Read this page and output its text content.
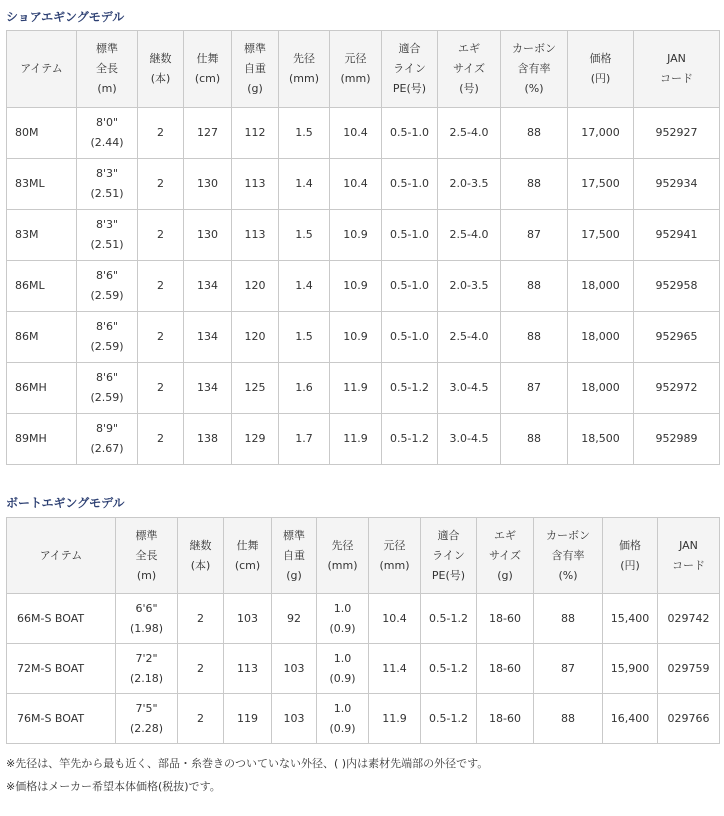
ショアエギングモデル
アイテム	標準
全長
(m)	継数
(本)	仕舞
(cm)	標準
自重
(g)	先径
(mm)	元径
(mm)	適合
ライン
PE(号)	エギ
サイズ
(号)	カーボン
含有率
(%)	価格
(円)	JAN
コード

80M	8'0"
(2.44)	2	127	112	1.5	10.4	0.5-1.0	2.5-4.0	88	17,000	952927
83ML	8'3"
(2.51)	2	130	113	1.4	10.4	0.5-1.0	2.0-3.5	88	17,500	952934
83M	8'3"
(2.51)	2	130	113	1.5	10.9	0.5-1.0	2.5-4.0	87	17,500	952941
86ML	8'6"
(2.59)	2	134	120	1.4	10.9	0.5-1.0	2.0-3.5	88	18,000	952958
86M	8'6"
(2.59)	2	134	120	1.5	10.9	0.5-1.0	2.5-4.0	88	18,000	952965
86MH	8'6"
(2.59)	2	134	125	1.6	11.9	0.5-1.2	3.0-4.5	87	18,000	952972
89MH	8'9"
(2.67)	2	138	129	1.7	11.9	0.5-1.2	3.0-4.5	88	18,500	952989
ボートエギングモデル
アイテム	標準
全長
(m)	継数
(本)	仕舞
(cm)	標準
自重
(g)	先径
(mm)	元径
(mm)	適合
ライン
PE(号)	エギ
サイズ
(g)	カーボン
含有率
(%)	価格
(円)	JAN
コード

66M-S BOAT	6'6"
(1.98)	2	103	92	1.0
(0.9)	10.4	0.5-1.2	18-60	88	15,400	029742
72M-S BOAT	7'2"
(2.18)	2	113	103	1.0
(0.9)	11.4	0.5-1.2	18-60	87	15,900	029759
76M-S BOAT	7'5"
(2.28)	2	119	103	1.0
(0.9)	11.9	0.5-1.2	18-60	88	16,400	029766
※先径は、竿先から最も近く、部品・糸巻きのついていない外径、( )内は素材先端部の外径です。
※価格はメーカー希望本体価格(税抜)です。
